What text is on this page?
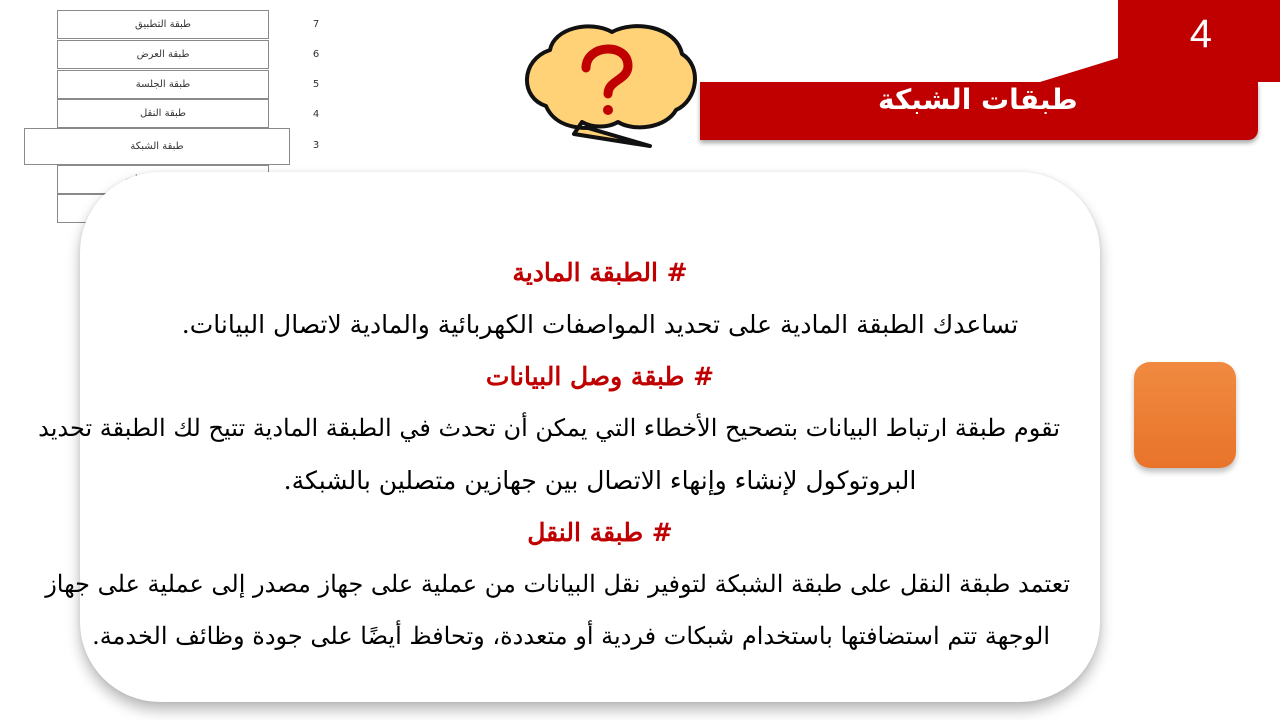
طبقة التطبيق	7
طبقة العرض	6
طبقة الجلسة	5
طبقة النقل	4
طبقة الشبكة	3
4
طبقات الشبكة
# الطبقة المادية
تساعدك الطبقة المادية على تحديد المواصفات الكهربائية والمادية لاتصال البيانات.
# طبقة وصل البيانات
تقوم طبقة ارتباط البيانات بتصحيح الأخطاء التي يمكن أن تحدث في الطبقة المادية تتيح لك الطبقة تحديد
البروتوكول لإنشاء وإنهاء الاتصال بين جهازين متصلين بالشبكة.
# طبقة النقل
تعتمد طبقة النقل على طبقة الشبكة لتوفير نقل البيانات من عملية على جهاز مصدر إلى عملية على جهاز
الوجهة تتم استضافتها باستخدام شبكات فردية أو متعددة، وتحافظ أيضًا على جودة وظائف الخدمة.
